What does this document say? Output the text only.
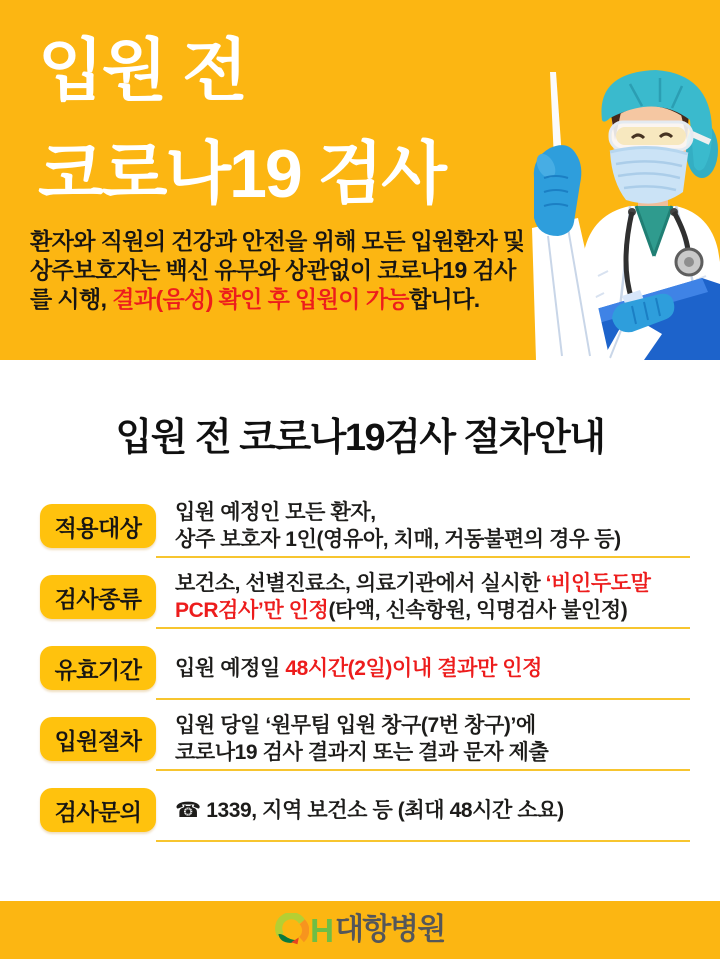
입원 전
코로나19 검사
환자와 직원의 건강과 안전을 위해 모든 입원환자 및
상주보호자는 백신 유무와 상관없이 코로나19 검사
를 시행, 결과(음성) 확인 후 입원이 가능합니다.
입원 전 코로나19검사 절차안내
적용대상
입원 예정인 모든 환자,
상주 보호자 1인(영유아, 치매, 거동불편의 경우 등)
검사종류
보건소, 선별진료소, 의료기관에서 실시한 ‘비인두도말
PCR검사’만 인정(타액, 신속항원, 익명검사 불인정)
유효기간	입원 예정일 48시간(2일)이내 결과만 인정
입원절차
입원 당일 ‘원무팀 입원 창구(7번 창구)’에
코로나19 검사 결과지 또는 결과 문자 제출
검사문의	☎ 1339, 지역 보건소 등 (최대 48시간 소요)
H 대항병원
